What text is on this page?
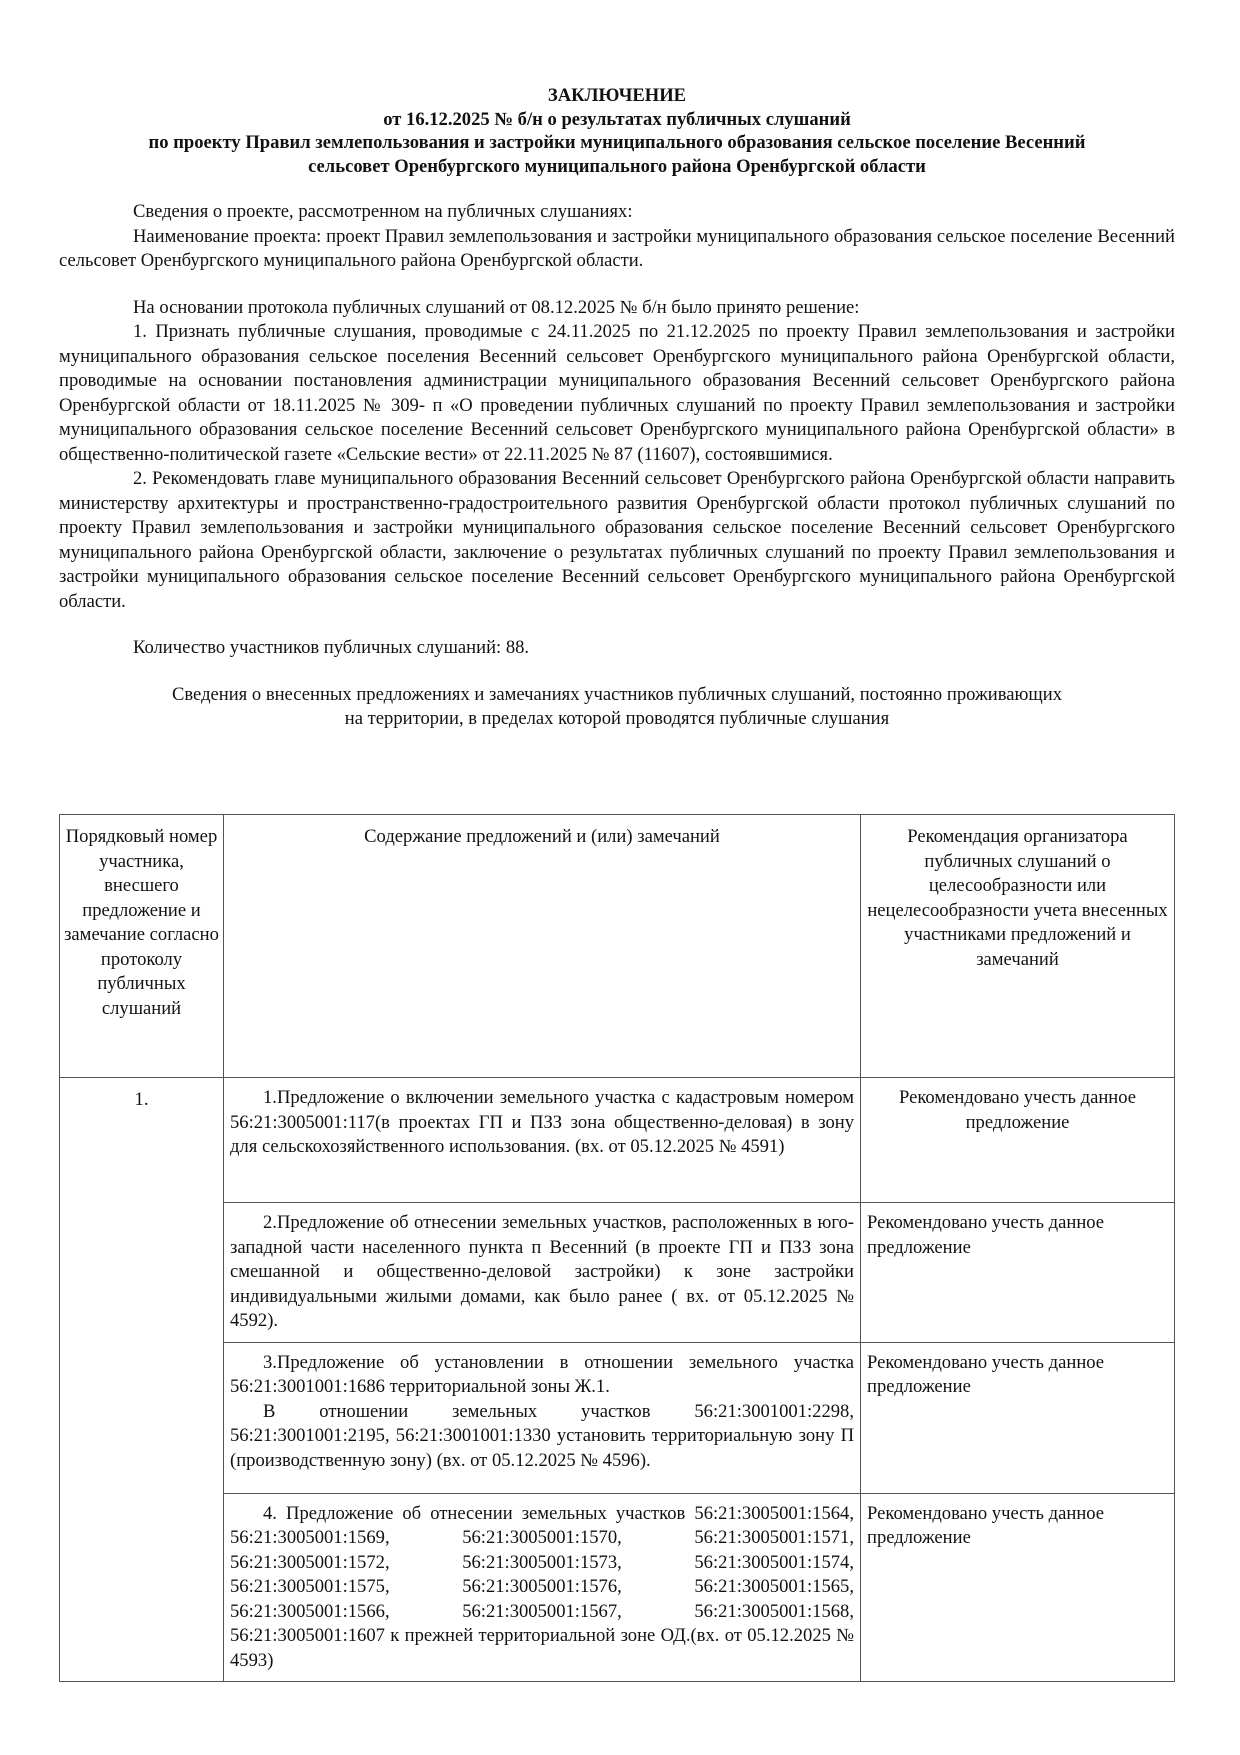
ЗАКЛЮЧЕНИЕ
от 16.12.2025 № б/н о результатах публичных слушаний
по проекту Правил землепользования и застройки муниципального образования сельское поселение Весенний
сельсовет Оренбургского муниципального района Оренбургской области

Сведения о проекте, рассмотренном на публичных слушаниях:

Наименование проекта: проект Правил землепользования и застройки муниципального образования сельское поселение Весенний сельсовет Оренбургского муниципального района Оренбургской области.

На основании протокола публичных слушаний от 08.12.2025 № б/н было принято решение:

1. Признать публичные слушания, проводимые с 24.11.2025 по 21.12.2025 по проекту Правил землепользования и застройки муниципального образования сельское поселения Весенний сельсовет Оренбургского муниципального района Оренбургской области, проводимые на основании постановления администрации муниципального образования Весенний сельсовет Оренбургского района Оренбургской области от 18.11.2025 № 309- п «О проведении публичных слушаний по проекту Правил землепользования и застройки муниципального образования сельское поселение Весенний сельсовет Оренбургского муниципального района Оренбургской области» в общественно-политической газете «Сельские вести» от 22.11.2025 № 87 (11607), состоявшимися.

2. Рекомендовать главе муниципального образования Весенний сельсовет Оренбургского района Оренбургской области направить министерству архитектуры и пространственно-градостроительного развития Оренбургской области протокол публичных слушаний по проекту Правил землепользования и застройки муниципального образования сельское поселение Весенний сельсовет Оренбургского муниципального района Оренбургской области, заключение о результатах публичных слушаний по проекту Правил землепользования и застройки муниципального образования сельское поселение Весенний сельсовет Оренбургского муниципального района Оренбургской области.

Количество участников публичных слушаний: 88.

Сведения о внесенных предложениях и замечаниях участников публичных слушаний, постоянно проживающих
на территории, в пределах которой проводятся публичные слушания
Порядковый номер участника, внесшего предложение и замечание согласно протоколу публичных слушаний	Содержание предложений и (или) замечаний	Рекомендация организатора публичных слушаний о целесообразности или нецелесообразности учета внесенных участниками предложений и замечаний
1.	1.Предложение о включении земельного участка с кадастровым номером 56:21:3005001:117(в проектах ГП и ПЗЗ зона общественно-деловая) в зону для сельскохозяйственного использования. (вх. от 05.12.2025 № 4591)	Рекомендовано учесть данное предложение

	2.Предложение об отнесении земельных участков, расположенных в юго-западной части населенного пункта п Весенний (в проекте ГП и ПЗЗ зона смешанной и общественно-деловой застройки) к зоне застройки индивидуальными жилыми домами, как было ранее ( вх. от 05.12.2025 № 4592).	Рекомендовано учесть данное предложение

	3.Предложение об установлении в отношении земельного участка 56:21:3001001:1686 территориальной зоны Ж.1.
В отношении земельных участков 56:21:3001001:2298, 56:21:3001001:2195, 56:21:3001001:1330 установить территориальную зону П (производственную зону) (вх. от 05.12.2025 № 4596).	Рекомендовано учесть данное предложение

	4. Предложение об отнесении земельных участков 56:21:3005001:1564, 56:21:3005001:1569, 56:21:3005001:1570, 56:21:3005001:1571, 56:21:3005001:1572, 56:21:3005001:1573, 56:21:3005001:1574, 56:21:3005001:1575, 56:21:3005001:1576, 56:21:3005001:1565, 56:21:3005001:1566, 56:21:3005001:1567, 56:21:3005001:1568, 56:21:3005001:1607 к прежней территориальной зоне ОД.(вх. от 05.12.2025 № 4593)	Рекомендовано учесть данное предложение
